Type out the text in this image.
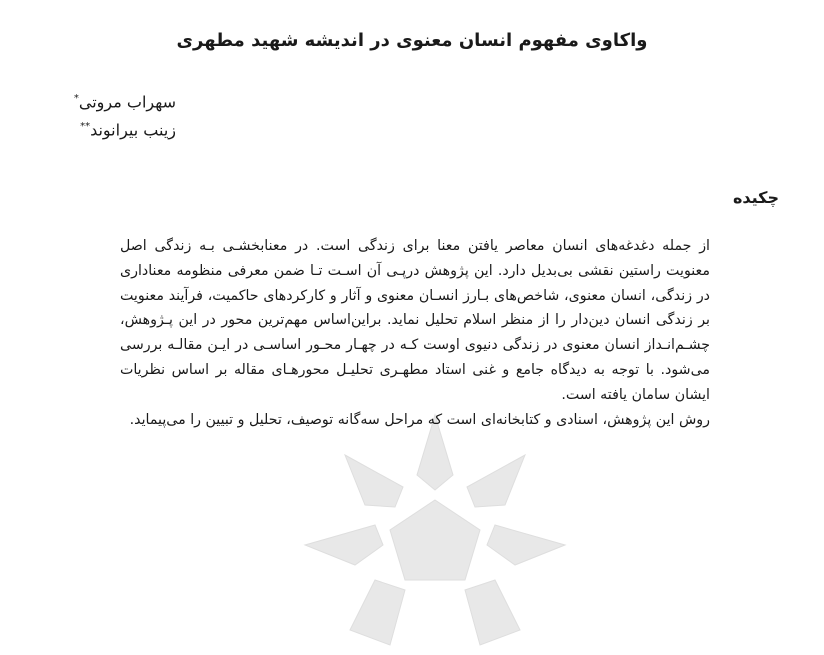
واکاوی مفهوم انسان معنوی در اندیشه شهید مطهری
سهراب مروتی*
زینب بیرانوند**
چکیده

از جمله دغدغه‌های انسان معاصر یافتن معنا برای زندگی است. در معنابخشـی بـه زندگی اصل معنویت راستین نقشی بی‌بدیل دارد. این پژوهش درپـی آن اسـت تـا ضمن معرفی منظومه معناداری در زندگی، انسان معنوی، شاخص‌های بـارز انسـان معنوی و آثار و کارکردهای حاکمیت، فرآیند معنویت بر زندگی انسان دین‌دار را از منظر اسلام تحلیل نماید. براین‌اساس مهم‌ترین محور در این پـژوهش، چشـم‌انـداز انسان معنوی در زندگی دنیوی اوست کـه در چهـار محـور اساسـی در ایـن مقالـه بررسی می‌شود. با توجه به دیدگاه جامع و غنی استاد مطهـری تحلیـل محورهـای مقاله بر اساس نظریات ایشان سامان یافته است.

روش این پژوهش، اسنادی و کتابخانه‌ای است که مراحل سه‌گانه توصیف، تحلیل و تبیین را می‌پیماید.
